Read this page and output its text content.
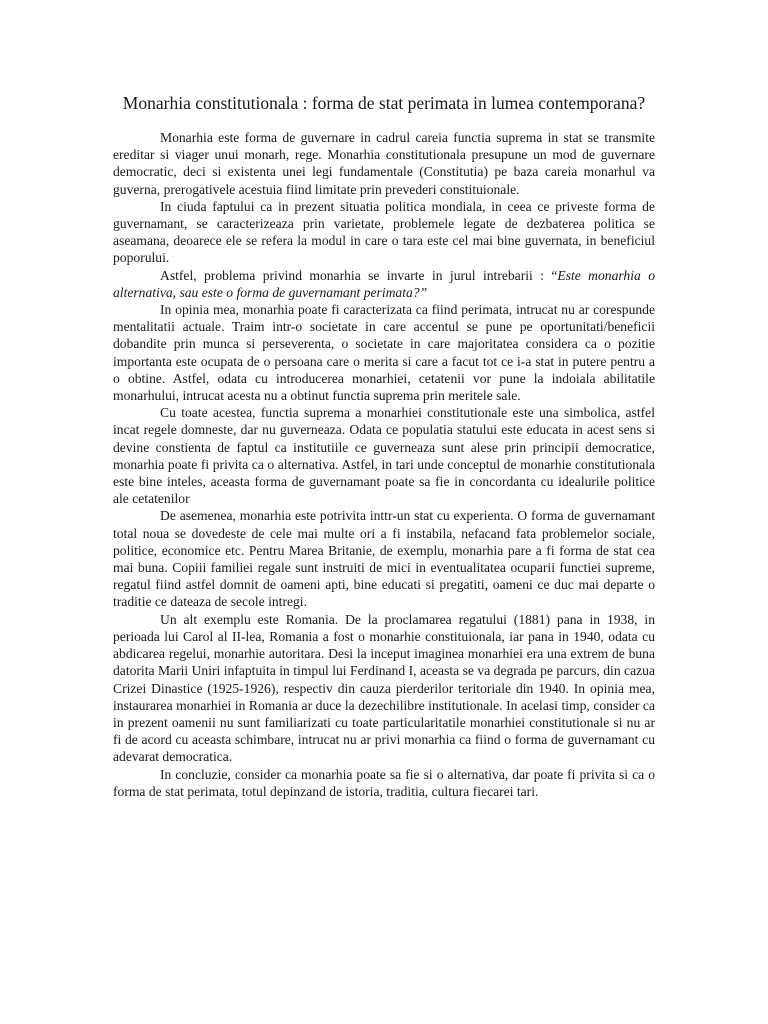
Monarhia constitutionala : forma de stat perimata in lumea contemporana?

Monarhia este forma de guvernare in cadrul careia functia suprema in stat se transmite ereditar si viager unui monarh, rege. Monarhia constitutionala presupune un mod de guvernare democratic, deci si existenta unei legi fundamentale (Constitutia) pe baza careia monarhul va guverna, prerogativele acestuia fiind limitate prin prevederi constituionale.

In ciuda faptului ca in prezent situatia politica mondiala, in ceea ce priveste forma de guvernamant, se caracterizeaza prin varietate, problemele legate de dezbaterea politica se aseamana, deoarece ele se refera la modul in care o tara este cel mai bine guvernata, in beneficiul poporului.

Astfel, problema privind monarhia se invarte in jurul intrebarii : “Este monarhia o alternativa, sau este o forma de guvernamant perimata?”

In opinia mea, monarhia poate fi caracterizata ca fiind perimata, intrucat nu ar corespunde mentalitatii actuale. Traim intr-o societate in care accentul se pune pe oportunitati/beneficii dobandite prin munca si perseverenta, o societate in care majoritatea considera ca o pozitie importanta este ocupata de o persoana care o merita si care a facut tot ce i-a stat in putere pentru a o obtine. Astfel, odata cu introducerea monarhiei, cetatenii vor pune la indoiala abilitatile monarhului, intrucat acesta nu a obtinut functia suprema prin meritele sale.

Cu toate acestea, functia suprema a monarhiei constitutionale este una simbolica, astfel incat regele domneste, dar nu guverneaza. Odata ce populatia statului este educata in acest sens si devine constienta de faptul ca institutiile ce guverneaza sunt alese prin principii democratice, monarhia poate fi privita ca o alternativa. Astfel, in tari unde conceptul de monarhie constitutionala este bine inteles, aceasta forma de guvernamant poate sa fie in concordanta cu idealurile politice ale cetatenilor

De asemenea, monarhia este potrivita inttr-un stat cu experienta. O forma de guvernamant total noua se dovedeste de cele mai multe ori a fi instabila, nefacand fata problemelor sociale, politice, economice etc. Pentru Marea Britanie, de exemplu, monarhia pare a fi forma de stat cea mai buna. Copiii familiei regale sunt instruiti de mici in eventualitatea ocuparii functiei supreme, regatul fiind astfel domnit de oameni apti, bine educati si pregatiti, oameni ce duc mai departe o traditie ce dateaza de secole intregi.

Un alt exemplu este Romania. De la proclamarea regatului (1881) pana in 1938, in perioada lui Carol al II-lea, Romania a fost o monarhie constituionala, iar pana in 1940, odata cu abdicarea regelui, monarhie autoritara. Desi la inceput imaginea monarhiei era una extrem de buna datorita Marii Uniri infaptuita in timpul lui Ferdinand I, aceasta se va degrada pe parcurs, din cazua Crizei Dinastice (1925-1926), respectiv din cauza pierderilor teritoriale din 1940. In opinia mea, instaurarea monarhiei in Romania ar duce la dezechilibre institutionale. In acelasi timp, consider ca in prezent oamenii nu sunt familiarizati cu toate particularitatile monarhiei constitutionale si nu ar fi de acord cu aceasta schimbare, intrucat nu ar privi monarhia ca fiind o forma de guvernamant cu adevarat democratica.

In concluzie, consider ca monarhia poate sa fie si o alternativa, dar poate fi privita si ca o forma de stat perimata, totul depinzand de istoria, traditia, cultura fiecarei tari.
